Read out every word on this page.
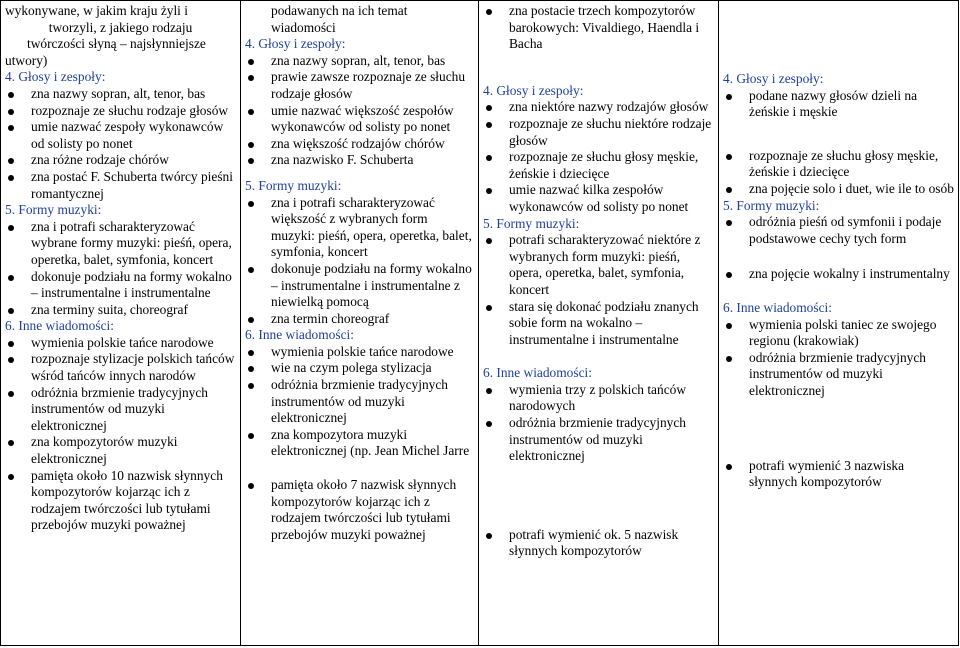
wykonywane, w jakim kraju żyli i

tworzyli, z jakiego rodzaju
twórczości słyną – najsłynniejsze
utwory)

4. Głosy i zespoły:
zna nazwy sopran, alt, tenor, bas
rozpoznaje ze słuchu rodzaje głosów
umie nazwać zespoły wykonawców od solisty po nonet
zna różne rodzaje chórów
zna postać F. Schuberta twórcy pieśni romantycznej
5. Formy muzyki:
zna i potrafi scharakteryzować wybrane formy muzyki: pieśń, opera, operetka, balet, symfonia, koncert
dokonuje podziału na formy wokalno – instrumentalne i instrumentalne
zna terminy suita, choreograf
6. Inne wiadomości:
wymienia polskie tańce narodowe
rozpoznaje stylizacje polskich tańców wśród tańców innych narodów
odróżnia brzmienie tradycyjnych instrumentów od muzyki elektronicznej
zna kompozytorów muzyki elektronicznej
pamięta około 10 nazwisk słynnych kompozytorów kojarząc ich z rodzajem twórczości lub tytułami przebojów muzyki poważnej

podawanych na ich temat
wiadomości

4. Głosy i zespoły:
zna nazwy sopran, alt, tenor, bas
prawie zawsze rozpoznaje ze słuchu rodzaje głosów
umie nazwać większość zespołów wykonawców od solisty po nonet
zna większość rodzajów chórów
zna nazwisko F. Schuberta
5. Formy muzyki:
zna i potrafi scharakteryzować większość z wybranych form muzyki: pieśń, opera, operetka, balet, symfonia, koncert
dokonuje podziału na formy wokalno – instrumentalne i instrumentalne z niewielką pomocą
zna termin choreograf
6. Inne wiadomości:
wymienia polskie tańce narodowe
wie na czym polega stylizacja
odróżnia brzmienie tradycyjnych instrumentów od muzyki elektronicznej
zna kompozytora muzyki elektronicznej (np. Jean Michel Jarre
pamięta około 7 nazwisk słynnych kompozytorów kojarząc ich z rodzajem twórczości lub tytułami przebojów muzyki poważnej

zna postacie trzech kompozytorów barokowych: Vivaldiego, Haendla i Bacha
4. Głosy i zespoły:
zna niektóre nazwy rodzajów głosów
rozpoznaje ze słuchu niektóre rodzaje głosów
rozpoznaje ze słuchu głosy męskie, żeńskie i dziecięce
umie nazwać kilka zespołów wykonawców od solisty po nonet
5. Formy muzyki:
potrafi scharakteryzować niektóre z wybranych form muzyki: pieśń, opera, operetka, balet, symfonia, koncert
stara się dokonać podziału znanych sobie form na wokalno – instrumentalne i instrumentalne
6. Inne wiadomości:
wymienia trzy z polskich tańców narodowych
odróżnia brzmienie tradycyjnych instrumentów od muzyki elektronicznej
potrafi wymienić ok. 5 nazwisk słynnych kompozytorów

4. Głosy i zespoły:
podane nazwy głosów dzieli na żeńskie i męskie
rozpoznaje ze słuchu głosy męskie, żeńskie i dziecięce
zna pojęcie solo i duet, wie ile to osób
5. Formy muzyki:
odróżnia pieśń od symfonii i podaje podstawowe cechy tych form
zna pojęcie wokalny i instrumentalny
6. Inne wiadomości:
wymienia polski taniec ze swojego regionu (krakowiak)
odróżnia brzmienie tradycyjnych instrumentów od muzyki elektronicznej
potrafi wymienić 3 nazwiska słynnych kompozytorów
